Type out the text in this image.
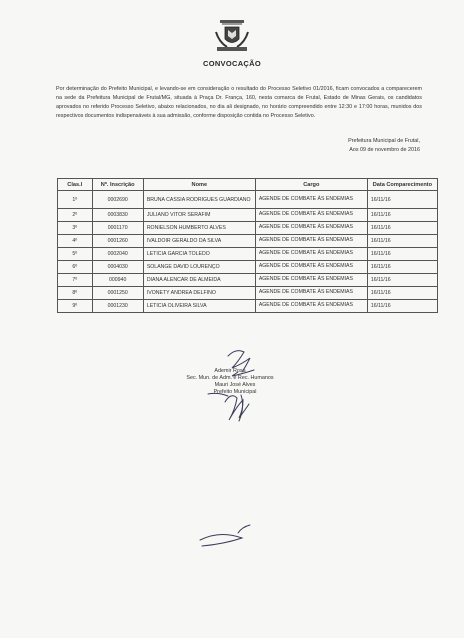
CONVOCAÇÃO
Por determinação do Prefeito Municipal, e levando-se em consideração o resultado do Processo Seletivo 01/2016, ficam convocados a comparecerem na sede da Prefeitura Municipal de Frutal/MG, situada à Praça Dr. França, 160, nesta comarca de Frutal, Estado de Minas Gerais, os candidatos aprovados no referido Processo Seletivo, abaixo relacionados, no dia ali designado, no horário compreendido entre 12:30 e 17:00 horas, munidos dos respectivos documentos indispensáveis à sua admissão, conforme disposição contida no Processo Seletivo.
Prefeitura Municipal de Frutal,
Aos 09 de novembro de 2016
Clas.l	Nº. Inscrição	Nome	Cargo	Data Comparecimento
1º	0002690	BRUNA CASSIA RODRIGUES GUARDIANO	AGENDE DE COMBATE ÀS ENDEMIAS	16/11/16
2º	0003830	JULIANO VITOR SERAFIM	AGENDE DE COMBATE ÀS ENDEMIAS	16/11/16
3º	0001170	RONIELSON HUMBERTO ALVES	AGENDE DE COMBATE ÀS ENDEMIAS	16/11/16
4º	0001260	IVALDOIR GERALDO DA SILVA	AGENDE DE COMBATE ÀS ENDEMIAS	16/11/16
5º	0002040	LETICIA GARCIA TOLEDO	AGENDE DE COMBATE ÀS ENDEMIAS	16/11/16
6º	0004030	SOLANGE DAVID LOURENÇO	AGENDE DE COMBATE ÀS ENDEMIAS	16/11/16
7º	000940	DIANA ALENCAR DE ALMEIDA	AGENDE DE COMBATE ÀS ENDEMIAS	16/11/16
8º	0001250	IVONETY ANDREA DELFINO	AGENDE DE COMBATE ÀS ENDEMIAS	16/11/16
9º	0001230	LETICIA OLIVEIRA SILVA	AGENDE DE COMBATE ÀS ENDEMIAS	16/11/16
Ademir Rosa
Sec. Mun. de Adm. e Rec. Humanos
Mauri José Alves
Prefeito Municipal
